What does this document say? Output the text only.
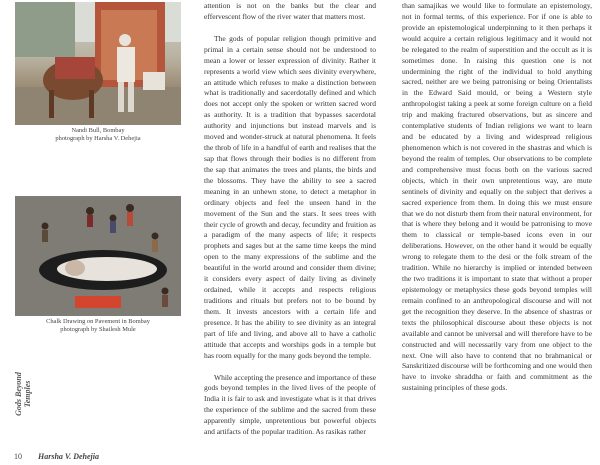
Nandi Bull, Bombay
photograph by Harsha V. Dehejia
Chalk Drawing on Pavement in Bombay
photograph by Shailesh Mule

attention is not on the banks but the clear and effervescent flow of the river water that matters most.

The gods of popular religion though primitive and primal in a certain sense should not be understood to mean a lower or lesser expression of divinity. Rather it represents a world view which sees divinity everywhere, an attitude which refuses to make a distinction between what is traditionally and sacerdotally defined and which does not accept only the spoken or written sacred word as authority. It is a tradition that bypasses sacerdotal authority and injunctions but instead marvels and is moved and wonder-struck at natural phenomena. It feels the throb of life in a handful of earth and realises that the sap that flows through their bodies is no different from the sap that animates the trees and plants, the birds and the blossoms. They have the ability to see a sacred meaning in an unhewn stone, to detect a metaphor in ordinary objects and feel the unseen hand in the movement of the Sun and the stars. It sees trees with their cycle of growth and decay, fecundity and fruition as a paradigm of the many aspects of life; it respects prophets and sages but at the same time keeps the mind open to the many expressions of the sublime and the beautiful in the world around and consider them divine; it considers every aspect of daily living as divinely ordained, while it accepts and respects religious traditions and rituals but prefers not to be bound by them. It invests ancestors with a certain life and presence. It has the ability to see divinity as an integral part of life and living, and above all to have a catholic attitude that accepts and worships gods in a temple but has room equally for the many gods beyond the temple.

While accepting the presence and importance of these gods beyond temples in the lived lives of the people of India it is fair to ask and investigate what is it that drives the experience of the sublime and the sacred from these apparently simple, unpretentious but powerful objects and artifacts of the popular tradition. As rasikas rather

than samajikas we would like to formulate an epistemology, not in formal terms, of this experience. For if one is able to provide an epistemological underpinning to it then perhaps it would acquire a certain religious legitimacy and it would not be relegated to the realm of superstition and the occult as it is sometimes done. In raising this question one is not undermining the right of the individual to hold anything sacred, neither are we being patronising or being Orientalists in the Edward Said mould, or being a Western style anthropologist taking a peek at some foreign culture on a field trip and making fractured observations, but as sincere and contemplative students of Indian religions we want to learn and be educated by a living and widespread religious phenomenon which is not covered in the shastras and which is beyond the realm of temples. Our observations to be complete and comprehensive must focus both on the various sacred objects, which in their own unpretentious way, are mute sentinels of divinity and equally on the subject that derives a sacred experience from them. In doing this we must ensure that we do not disturb them from their natural environment, for that is where they belong and it would be patronising to move them to classical or temple-based icons even in our deliberations. However, on the other hand it would be equally wrong to relegate them to the desi or the folk stream of the tradition. While no hierarchy is implied or intended between the two traditions it is important to state that without a proper epistemology or metaphysics these gods beyond temples will remain confined to an anthropological discourse and will not get the recognition they deserve. In the absence of shastras or texts the philosophical discourse about these objects is not available and cannot be universal and will therefore have to be constructed and will necessarily vary from one object to the next. One will also have to contend that no brahmanical or Sanskritized discourse will be forthcoming and one would then have to invoke shraddha or faith and commitment as the sustaining principles of these gods.

Gods Beyond Temples
10 Harsha V. Dehejia
